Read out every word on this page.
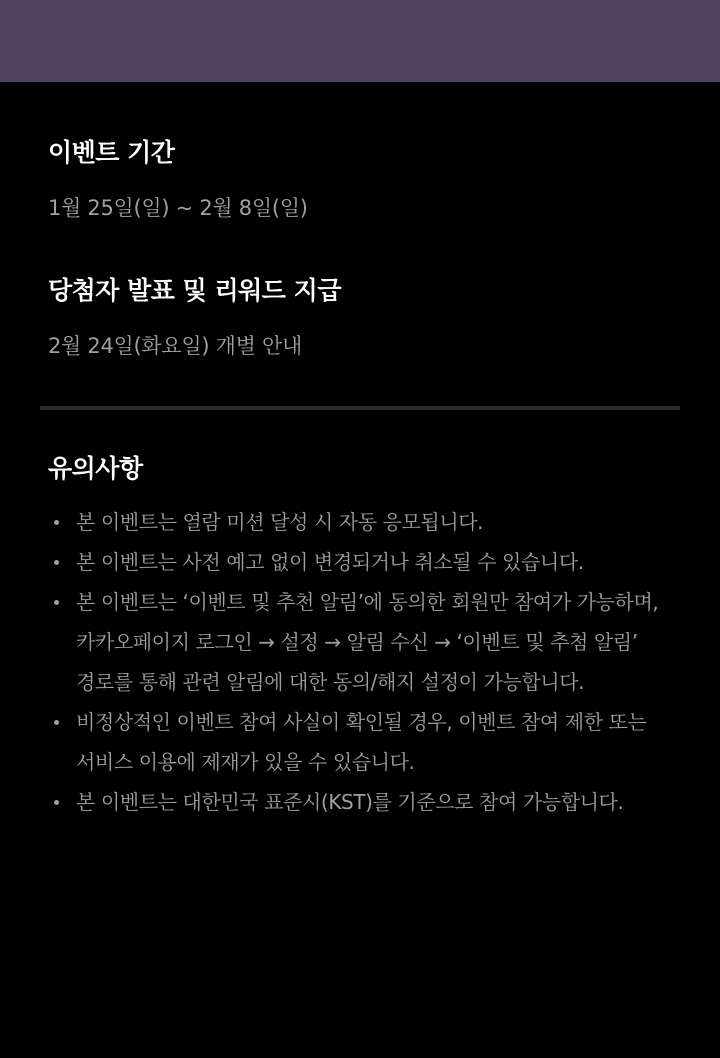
이벤트 기간
1월 25일(일) ~ 2월 8일(일)
당첨자 발표 및 리워드 지급
2월 24일(화요일) 개별 안내
유의사항
본 이벤트는 열람 미션 달성 시 자동 응모됩니다.
본 이벤트는 사전 예고 없이 변경되거나 취소될 수 있습니다.
본 이벤트는 ‘이벤트 및 추천 알림’에 동의한 회원만 참여가 가능하며, 카카오페이지 로그인 → 설정 → 알림 수신 → ‘이벤트 및 추첨 알림’ 경로를 통해 관련 알림에 대한 동의/해지 설정이 가능합니다.
비정상적인 이벤트 참여 사실이 확인될 경우, 이벤트 참여 제한 또는 서비스 이용에 제재가 있을 수 있습니다.
본 이벤트는 대한민국 표준시(KST)를 기준으로 참여 가능합니다.
